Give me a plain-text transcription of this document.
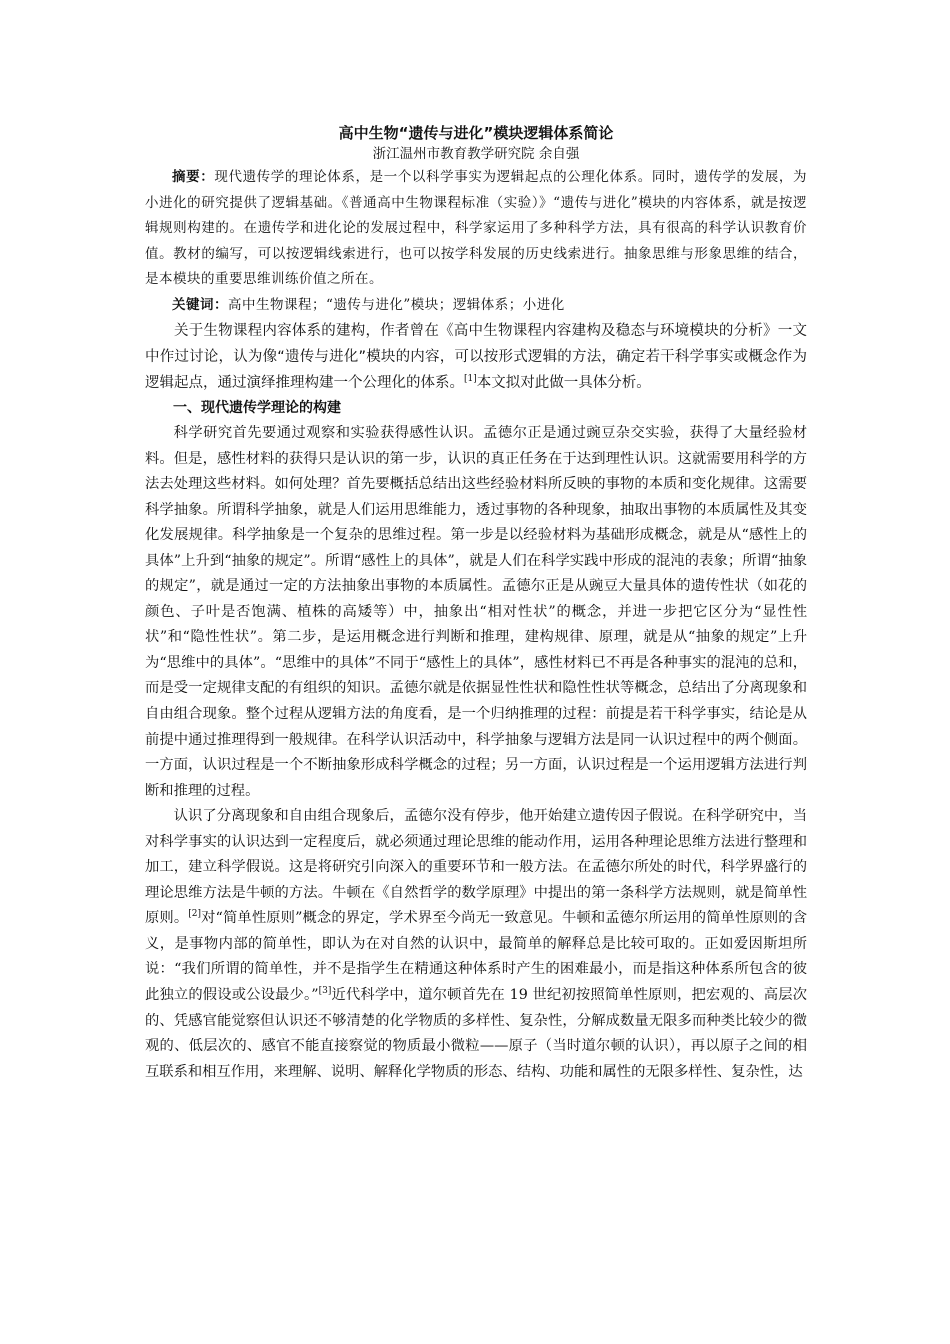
高中生物“遗传与进化”模块逻辑体系简论

浙江温州市教育教学研究院 余自强

摘要：现代遗传学的理论体系，是一个以科学事实为逻辑起点的公理化体系。同时，遗传学的发展，为小进化的研究提供了逻辑基础。《普通高中生物课程标准（实验）》“遗传与进化”模块的内容体系，就是按逻辑规则构建的。在遗传学和进化论的发展过程中，科学家运用了多种科学方法，具有很高的科学认识教育价值。教材的编写，可以按逻辑线索进行，也可以按学科发展的历史线索进行。抽象思维与形象思维的结合，是本模块的重要思维训练价值之所在。

关键词：高中生物课程；“遗传与进化”模块；逻辑体系；小进化

关于生物课程内容体系的建构，作者曾在《高中生物课程内容建构及稳态与环境模块的分析》一文中作过讨论，认为像“遗传与进化”模块的内容，可以按形式逻辑的方法，确定若干科学事实或概念作为逻辑起点，通过演绎推理构建一个公理化的体系。[1]本文拟对此做一具体分析。

一、现代遗传学理论的构建

科学研究首先要通过观察和实验获得感性认识。孟德尔正是通过豌豆杂交实验，获得了大量经验材料。但是，感性材料的获得只是认识的第一步，认识的真正任务在于达到理性认识。这就需要用科学的方法去处理这些材料。如何处理？首先要概括总结出这些经验材料所反映的事物的本质和变化规律。这需要科学抽象。所谓科学抽象，就是人们运用思维能力，透过事物的各种现象，抽取出事物的本质属性及其变化发展规律。科学抽象是一个复杂的思维过程。第一步是以经验材料为基础形成概念，就是从“感性上的具体”上升到“抽象的规定”。所谓“感性上的具体”，就是人们在科学实践中形成的混沌的表象；所谓“抽象的规定”，就是通过一定的方法抽象出事物的本质属性。孟德尔正是从豌豆大量具体的遗传性状（如花的颜色、子叶是否饱满、植株的高矮等）中，抽象出“相对性状”的概念，并进一步把它区分为“显性性状”和“隐性性状”。第二步，是运用概念进行判断和推理，建构规律、原理，就是从“抽象的规定”上升为“思维中的具体”。“思维中的具体”不同于“感性上的具体”，感性材料已不再是各种事实的混沌的总和，而是受一定规律支配的有组织的知识。孟德尔就是依据显性性状和隐性性状等概念，总结出了分离现象和自由组合现象。整个过程从逻辑方法的角度看，是一个归纳推理的过程：前提是若干科学事实，结论是从前提中通过推理得到一般规律。在科学认识活动中，科学抽象与逻辑方法是同一认识过程中的两个侧面。一方面，认识过程是一个不断抽象形成科学概念的过程；另一方面，认识过程是一个运用逻辑方法进行判断和推理的过程。

认识了分离现象和自由组合现象后，孟德尔没有停步，他开始建立遗传因子假说。在科学研究中，当对科学事实的认识达到一定程度后，就必须通过理论思维的能动作用，运用各种理论思维方法进行整理和加工，建立科学假说。这是将研究引向深入的重要环节和一般方法。在孟德尔所处的时代，科学界盛行的理论思维方法是牛顿的方法。牛顿在《自然哲学的数学原理》中提出的第一条科学方法规则，就是简单性原则。[2]对“简单性原则”概念的界定，学术界至今尚无一致意见。牛顿和孟德尔所运用的简单性原则的含义，是事物内部的简单性，即认为在对自然的认识中，最简单的解释总是比较可取的。正如爱因斯坦所说：“我们所谓的简单性，并不是指学生在精通这种体系时产生的困难最小，而是指这种体系所包含的彼此独立的假设或公设最少。”[3]近代科学中，道尔顿首先在 19 世纪初按照简单性原则，把宏观的、高层次的、凭感官能觉察但认识还不够清楚的化学物质的多样性、复杂性，分解成数量无限多而种类比较少的微观的、低层次的、感官不能直接察觉的物质最小微粒——原子（当时道尔顿的认识），再以原子之间的相互联系和相互作用，来理解、说明、解释化学物质的形态、结构、功能和属性的无限多样性、复杂性，达
